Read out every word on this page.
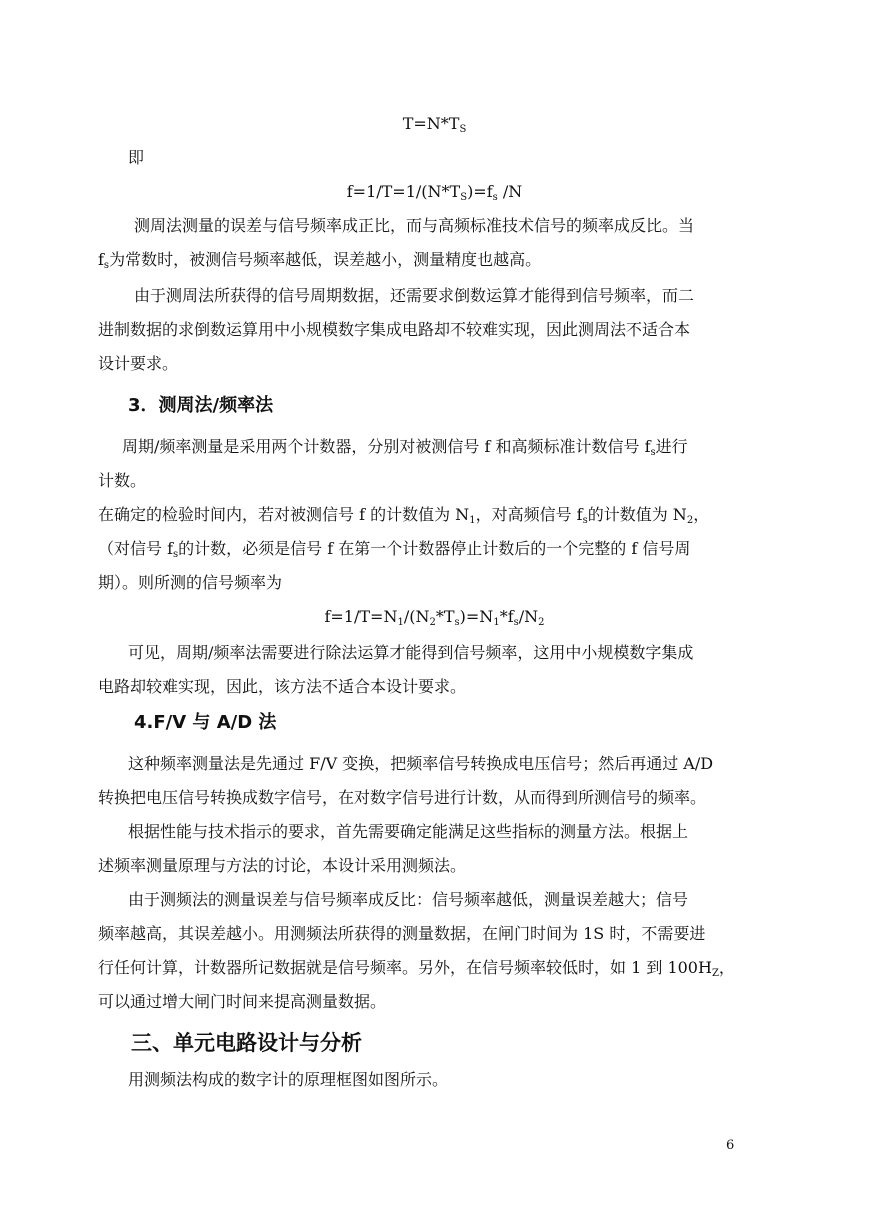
$T=N*T_S$
即
$f=1/T=1/(N*T_S)=f_s$ /N
测周法测量的误差与信号频率成正比，而与高频标准技术信号的频率成反比。当
$f_s$为常数时，被测信号频率越低，误差越小，测量精度也越高。
由于测周法所获得的信号周期数据，还需要求倒数运算才能得到信号频率，而二
进制数据的求倒数运算用中小规模数字集成电路却不较难实现，因此测周法不适合本
设计要求。
3．测周法/频率法
周期/频率测量是采用两个计数器，分别对被测信号 f 和高频标准计数信号 $f_s$进行
计数。
在确定的检验时间内，若对被测信号 f 的计数值为 $N_1$，对高频信号 $f_s$的计数值为 $N_2$，
（对信号 $f_s$的计数，必须是信号 f 在第一个计数器停止计数后的一个完整的 f 信号周
期）。则所测的信号频率为
$f=1/T=N_1/(N_2*T_s)=N_1*f_s/N_2$
可见，周期/频率法需要进行除法运算才能得到信号频率，这用中小规模数字集成
电路却较难实现，因此，该方法不适合本设计要求。
4.F/V 与 A/D 法
这种频率测量法是先通过 F/V 变换，把频率信号转换成电压信号；然后再通过 A/D
转换把电压信号转换成数字信号，在对数字信号进行计数，从而得到所测信号的频率。
根据性能与技术指示的要求，首先需要确定能满足这些指标的测量方法。根据上
述频率测量原理与方法的讨论，本设计采用测频法。
由于测频法的测量误差与信号频率成反比：信号频率越低，测量误差越大；信号
频率越高，其误差越小。用测频法所获得的测量数据，在闸门时间为 1S 时，不需要进
行任何计算，计数器所记数据就是信号频率。另外，在信号频率较低时，如 1 到 $100H_Z$，
可以通过增大闸门时间来提高测量数据。
三、单元电路设计与分析
用测频法构成的数字计的原理框图如图所示。
6
